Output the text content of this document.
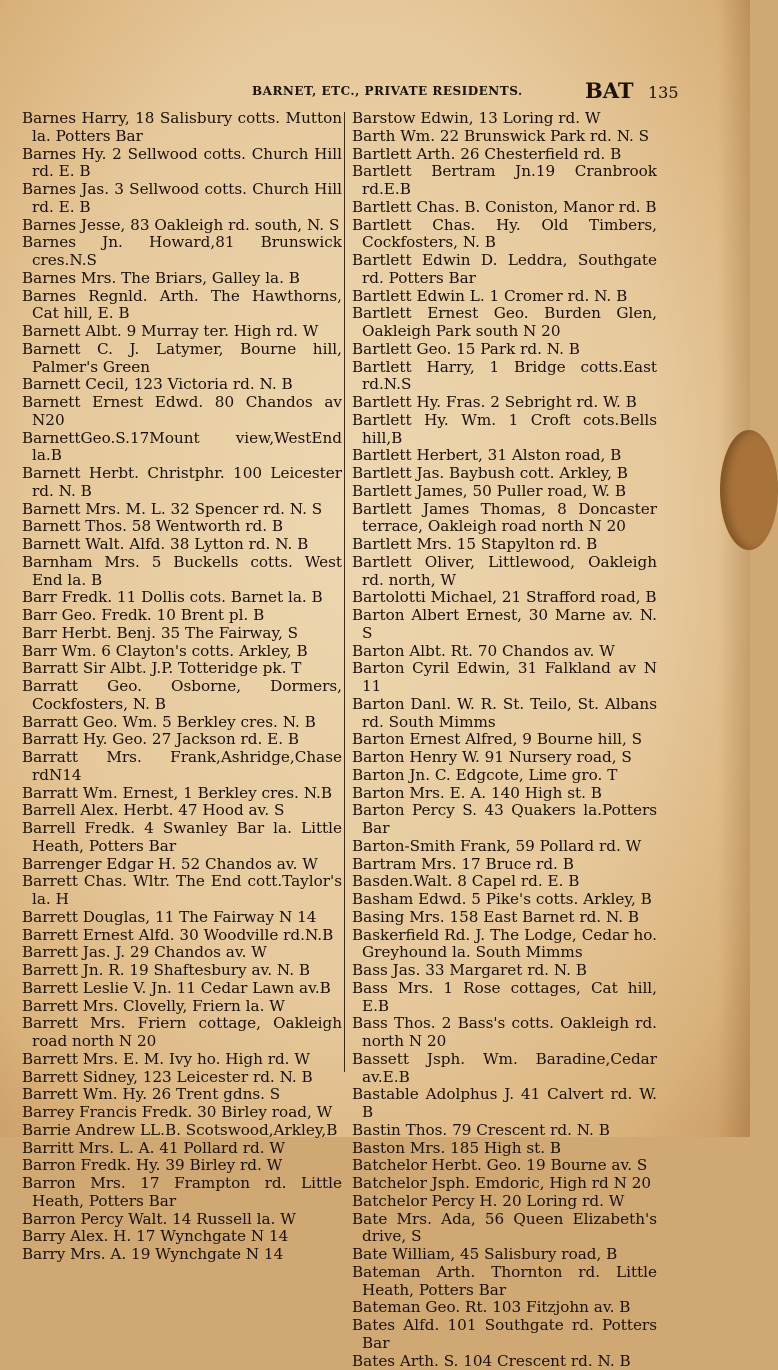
BARNET, ETC., PRIVATE RESIDENTS.	BAT 135
Barnes Harry, 18 Salisbury cotts. Mutton la. Potters Bar
Barnes Hy. 2 Sellwood cotts. Church Hill rd. E. B
Barnes Jas. 3 Sellwood cotts. Church Hill rd. E. B
Barnes Jesse, 83 Oakleigh rd. south, N. S
Barnes Jn. Howard,81 Brunswick cres.N.S
Barnes Mrs. The Briars, Galley la. B
Barnes Regnld. Arth. The Hawthorns, Cat hill, E. B
Barnett Albt. 9 Murray ter. High rd. W
Barnett C. J. Latymer, Bourne hill, Palmer's Green
Barnett Cecil, 123 Victoria rd. N. B
Barnett Ernest Edwd. 80 Chandos av N20
BarnettGeo.S.17Mount view,WestEnd la.B
Barnett Herbt. Christphr. 100 Leicester rd. N. B
Barnett Mrs. M. L. 32 Spencer rd. N. S
Barnett Thos. 58 Wentworth rd. B
Barnett Walt. Alfd. 38 Lytton rd. N. B
Barnham Mrs. 5 Buckells cotts. West End la. B
Barr Fredk. 11 Dollis cots. Barnet la. B
Barr Geo. Fredk. 10 Brent pl. B
Barr Herbt. Benj. 35 The Fairway, S
Barr Wm. 6 Clayton's cotts. Arkley, B
Barratt Sir Albt. J.P. Totteridge pk. T
Barratt Geo. Osborne, Dormers, Cockfosters, N. B
Barratt Geo. Wm. 5 Berkley cres. N. B
Barratt Hy. Geo. 27 Jackson rd. E. B
Barratt Mrs. Frank,Ashridge,Chase rdN14
Barratt Wm. Ernest, 1 Berkley cres. N.B
Barrell Alex. Herbt. 47 Hood av. S
Barrell Fredk. 4 Swanley Bar la. Little Heath, Potters Bar
Barrenger Edgar H. 52 Chandos av. W
Barrett Chas. Wltr. The End cott.Taylor's la. H
Barrett Douglas, 11 The Fairway N 14
Barrett Ernest Alfd. 30 Woodville rd.N.B
Barrett Jas. J. 29 Chandos av. W
Barrett Jn. R. 19 Shaftesbury av. N. B
Barrett Leslie V. Jn. 11 Cedar Lawn av.B
Barrett Mrs. Clovelly, Friern la. W
Barrett Mrs. Friern cottage, Oakleigh road north N 20
Barrett Mrs. E. M. Ivy ho. High rd. W
Barrett Sidney, 123 Leicester rd. N. B
Barrett Wm. Hy. 26 Trent gdns. S
Barrey Francis Fredk. 30 Birley road, W
Barrie Andrew LL.B. Scotswood,Arkley,B
Barritt Mrs. L. A. 41 Pollard rd. W
Barron Fredk. Hy. 39 Birley rd. W
Barron Mrs. 17 Frampton rd. Little Heath, Potters Bar
Barron Percy Walt. 14 Russell la. W
Barry Alex. H. 17 Wynchgate N 14
Barry Mrs. A. 19 Wynchgate N 14
Barstow Edwin, 13 Loring rd. W
Barth Wm. 22 Brunswick Park rd. N. S
Bartlett Arth. 26 Chesterfield rd. B
Bartlett Bertram Jn.19 Cranbrook rd.E.B
Bartlett Chas. B. Coniston, Manor rd. B
Bartlett Chas. Hy. Old Timbers, Cockfosters, N. B
Bartlett Edwin D. Leddra, Southgate rd. Potters Bar
Bartlett Edwin L. 1 Cromer rd. N. B
Bartlett Ernest Geo. Burden Glen, Oakleigh Park south N 20
Bartlett Geo. 15 Park rd. N. B
Bartlett Harry, 1 Bridge cotts.East rd.N.S
Bartlett Hy. Fras. 2 Sebright rd. W. B
Bartlett Hy. Wm. 1 Croft cots.Bells hill,B
Bartlett Herbert, 31 Alston road, B
Bartlett Jas. Baybush cott. Arkley, B
Bartlett James, 50 Puller road, W. B
Bartlett James Thomas, 8 Doncaster terrace, Oakleigh road north N 20
Bartlett Mrs. 15 Stapylton rd. B
Bartlett Oliver, Littlewood, Oakleigh rd. north, W
Bartolotti Michael, 21 Strafford road, B
Barton Albert Ernest, 30 Marne av. N. S
Barton Albt. Rt. 70 Chandos av. W
Barton Cyril Edwin, 31 Falkland av N 11
Barton Danl. W. R. St. Teilo, St. Albans rd. South Mimms
Barton Ernest Alfred, 9 Bourne hill, S
Barton Henry W. 91 Nursery road, S
Barton Jn. C. Edgcote, Lime gro. T
Barton Mrs. E. A. 140 High st. B
Barton Percy S. 43 Quakers la.Potters Bar
Barton-Smith Frank, 59 Pollard rd. W
Bartram Mrs. 17 Bruce rd. B
Basden.Walt. 8 Capel rd. E. B
Basham Edwd. 5 Pike's cotts. Arkley, B
Basing Mrs. 158 East Barnet rd. N. B
Baskerfield Rd. J. The Lodge, Cedar ho. Greyhound la. South Mimms
Bass Jas. 33 Margaret rd. N. B
Bass Mrs. 1 Rose cottages, Cat hill, E.B
Bass Thos. 2 Bass's cotts. Oakleigh rd. north N 20
Bassett Jsph. Wm. Baradine,Cedar av.E.B
Bastable Adolphus J. 41 Calvert rd. W. B
Bastin Thos. 79 Crescent rd. N. B
Baston Mrs. 185 High st. B
Batchelor Herbt. Geo. 19 Bourne av. S
Batchelor Jsph. Emdoric, High rd N 20
Batchelor Percy H. 20 Loring rd. W
Bate Mrs. Ada, 56 Queen Elizabeth's drive, S
Bate William, 45 Salisbury road, B
Bateman Arth. Thornton rd. Little Heath, Potters Bar
Bateman Geo. Rt. 103 Fitzjohn av. B
Bates Alfd. 101 Southgate rd. Potters Bar
Bates Arth. S. 104 Crescent rd. N. B
